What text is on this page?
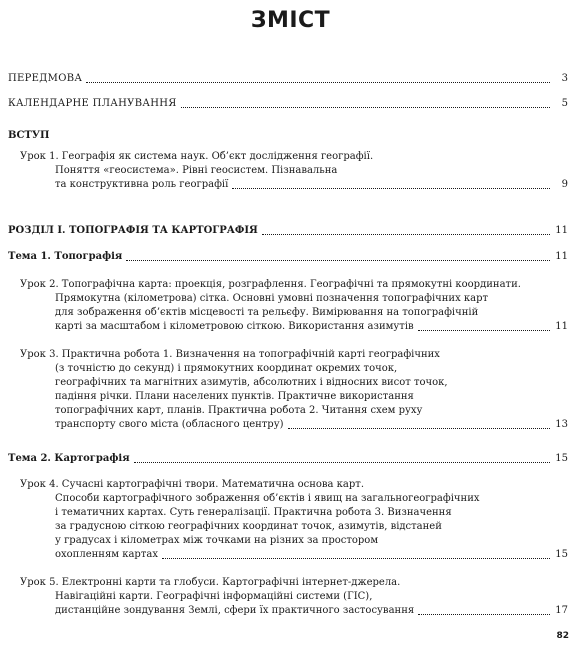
ЗМІСТ
ПЕРЕДМОВА	3
КАЛЕНДАРНЕ ПЛАНУВАННЯ	5
ВСТУП
Урок 1. Географія як система наук. Об’єкт дослідження географії.
Поняття «геосистема». Рівні геосистем. Пізнавальна
та конструктивна роль географії	9
РОЗДІЛ І. ТОПОГРАФІЯ ТА КАРТОГРАФІЯ	11
Тема 1. Топографія	11
Урок 2. Топографічна карта: проекція, розграфлення. Географічні та прямокутні координати.
Прямокутна (кілометрова) сітка. Основні умовні позначення топографічних карт
для зображення об’єктів місцевості та рельєфу. Вимірювання на топографічній
карті за масштабом і кілометровою сіткою. Використання азимутів	11
Урок 3. Практична робота 1. Визначення на топографічній карті географічних
(з точністю до секунд) і прямокутних координат окремих точок,
географічних та магнітних азимутів, абсолютних і відносних висот точок,
падіння річки. Плани населених пунктів. Практичне використання
топографічних карт, планів. Практична робота 2. Читання схем руху
транспорту свого міста (обласного центру)	13
Тема 2. Картографія	15
Урок 4. Сучасні картографічні твори. Математична основа карт.
Способи картографічного зображення об’єктів і явищ на загальногеографічних
і тематичних картах. Суть генералізації. Практична робота 3. Визначення
за градусною сіткою географічних координат точок, азимутів, відстаней
у градусах і кілометрах між точками на різних за простором
охопленням картах	15
Урок 5. Електронні карти та глобуси. Картографічні інтернет-джерела.
Навігаційні карти. Географічні інформаційні системи (ГІС),
дистанційне зондування Землі, сфери їх практичного застосування	17
82
